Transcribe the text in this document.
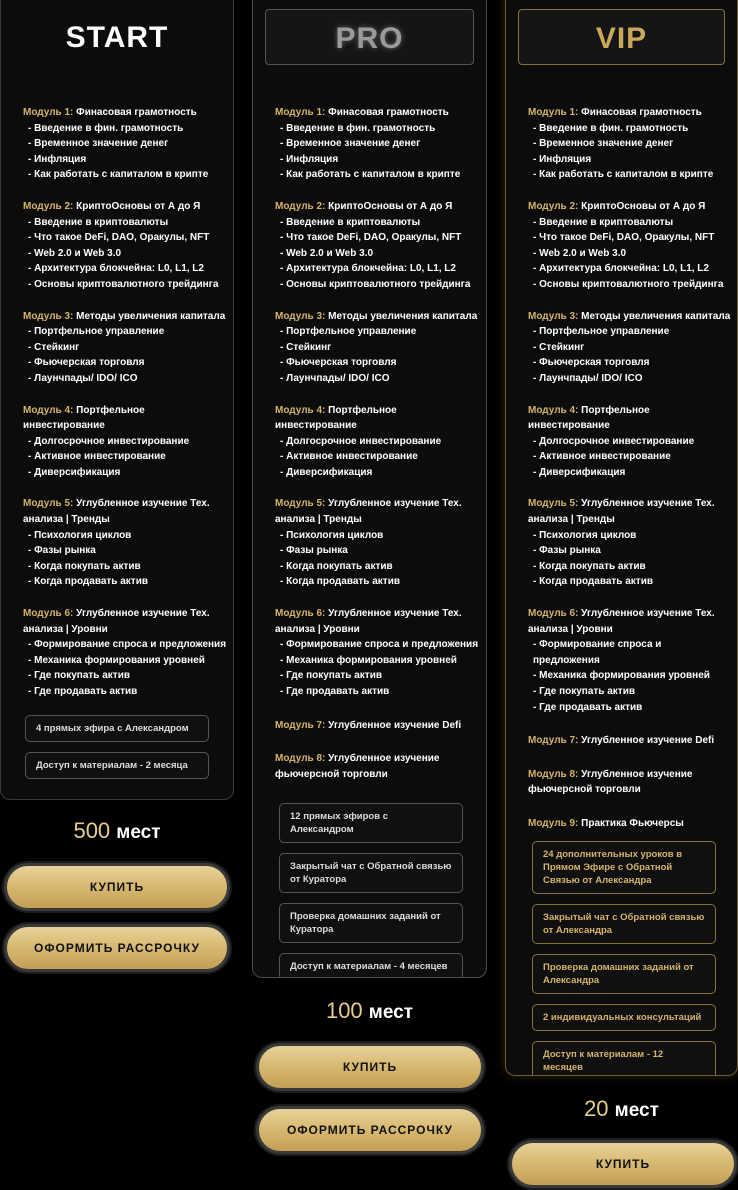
START
Модуль 1: Финасовая грамотность
- Введение в фин. грамотность
- Временное значение денег
- Инфляция
- Как работать с капиталом в крипте
Модуль 2: КриптоОсновы от А до Я
- Введение в криптовалюты
- Что такое DeFi, DAO, Оракулы, NFT
- Web 2.0 и Web 3.0
- Архитектура блокчейна: L0, L1, L2
- Основы криптовалютного трейдинга
Модуль 3: Методы увеличения капитала
- Портфельное управление
- Стейкинг
- Фьючерская торговля
- Лаунчпады/ IDO/ ICO
Модуль 4: Портфельное инвестирование
- Долгосрочное инвестирование
- Активное инвестирование
- Диверсификация
Модуль 5: Углубленное изучение Тех. анализа | Тренды
- Психология циклов
- Фазы рынка
- Когда покупать актив
- Когда продавать актив
Модуль 6: Углубленное изучение Тех. анализа | Уровни
- Формирование спроса и предложения
- Механика формирования уровней
- Где покупать актив
- Где продавать актив
4 прямых эфира с Александром
Доступ к материалам - 2 месяца
500 мест
КУПИТЬ
ОФОРМИТЬ РАССРОЧКУ
PRO
Модуль 1: Финасовая грамотность
- Введение в фин. грамотность
- Временное значение денег
- Инфляция
- Как работать с капиталом в крипте
Модуль 2: КриптоОсновы от А до Я
- Введение в криптовалюты
- Что такое DeFi, DAO, Оракулы, NFT
- Web 2.0 и Web 3.0
- Архитектура блокчейна: L0, L1, L2
- Основы криптовалютного трейдинга
Модуль 3: Методы увеличения капитала
- Портфельное управление
- Стейкинг
- Фьючерская торговля
- Лаунчпады/ IDO/ ICO
Модуль 4: Портфельное инвестирование
- Долгосрочное инвестирование
- Активное инвестирование
- Диверсификация
Модуль 5: Углубленное изучение Тех. анализа | Тренды
- Психология циклов
- Фазы рынка
- Когда покупать актив
- Когда продавать актив
Модуль 6: Углубленное изучение Тех. анализа | Уровни
- Формирование спроса и предложения
- Механика формирования уровней
- Где покупать актив
- Где продавать актив
Модуль 7: Углубленное изучение Defi
Модуль 8: Углубленное изучение фьючерсной торговли
12 прямых эфиров с Александром
Закрытый чат с Обратной связью от Куратора
Проверка домашних заданий от Куратора
Доступ к материалам - 4 месяцев
100 мест
КУПИТЬ
ОФОРМИТЬ РАССРОЧКУ
VIP
Модуль 1: Финасовая грамотность
- Введение в фин. грамотность
- Временное значение денег
- Инфляция
- Как работать с капиталом в крипте
Модуль 2: КриптоОсновы от А до Я
- Введение в криптовалюты
- Что такое DeFi, DAO, Оракулы, NFT
- Web 2.0 и Web 3.0
- Архитектура блокчейна: L0, L1, L2
- Основы криптовалютного трейдинга
Модуль 3: Методы увеличения капитала
- Портфельное управление
- Стейкинг
- Фьючерская торговля
- Лаунчпады/ IDO/ ICO
Модуль 4: Портфельное инвестирование
- Долгосрочное инвестирование
- Активное инвестирование
- Диверсификация
Модуль 5: Углубленное изучение Тех. анализа | Тренды
- Психология циклов
- Фазы рынка
- Когда покупать актив
- Когда продавать актив
Модуль 6: Углубленное изучение Тех. анализа | Уровни
- Формирование спроса и предложения
- Механика формирования уровней
- Где покупать актив
- Где продавать актив
Модуль 7: Углубленное изучение Defi
Модуль 8: Углубленное изучение фьючерсной торговли
Модуль 9: Практика Фьючерсы
24 дополнительных уроков в Прямом Эфире с Обратной Связью от Александра
Закрытый чат с Обратной связью от Александра
Проверка домашних заданий от Александра
2 индивидуальных консультаций
Доступ к материалам - 12 месяцев
20 мест
КУПИТЬ
